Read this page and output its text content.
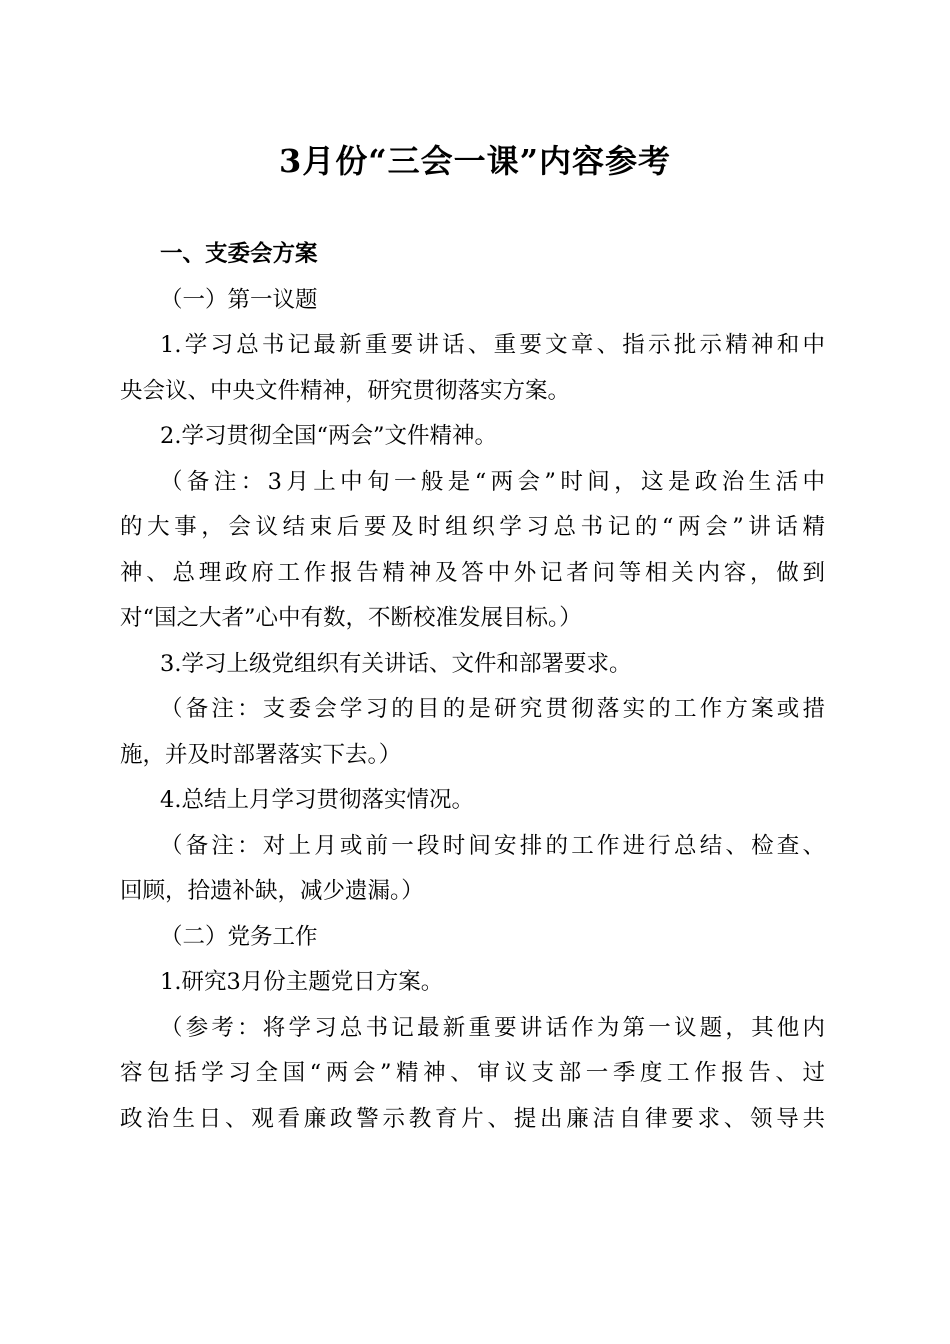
3月份“三会一课”内容参考
一、支委会方案
（一）第一议题
1.学习总书记最新重要讲话、重要文章、指示批示精神和中
央会议、中央文件精神，研究贯彻落实方案。
2.学习贯彻全国“两会”文件精神。
（备注：3月上中旬一般是“两会”时间，这是政治生活中
的大事，会议结束后要及时组织学习总书记的“两会”讲话精
神、总理政府工作报告精神及答中外记者问等相关内容，做到
对“国之大者”心中有数，不断校准发展目标。）
3.学习上级党组织有关讲话、文件和部署要求。
（备注：支委会学习的目的是研究贯彻落实的工作方案或措
施，并及时部署落实下去。）
4.总结上月学习贯彻落实情况。
（备注：对上月或前一段时间安排的工作进行总结、检查、
回顾，拾遗补缺，减少遗漏。）
（二）党务工作
1.研究3月份主题党日方案。
（参考：将学习总书记最新重要讲话作为第一议题，其他内
容包括学习全国“两会”精神、审议支部一季度工作报告、过
政治生日、观看廉政警示教育片、提出廉洁自律要求、领导共
